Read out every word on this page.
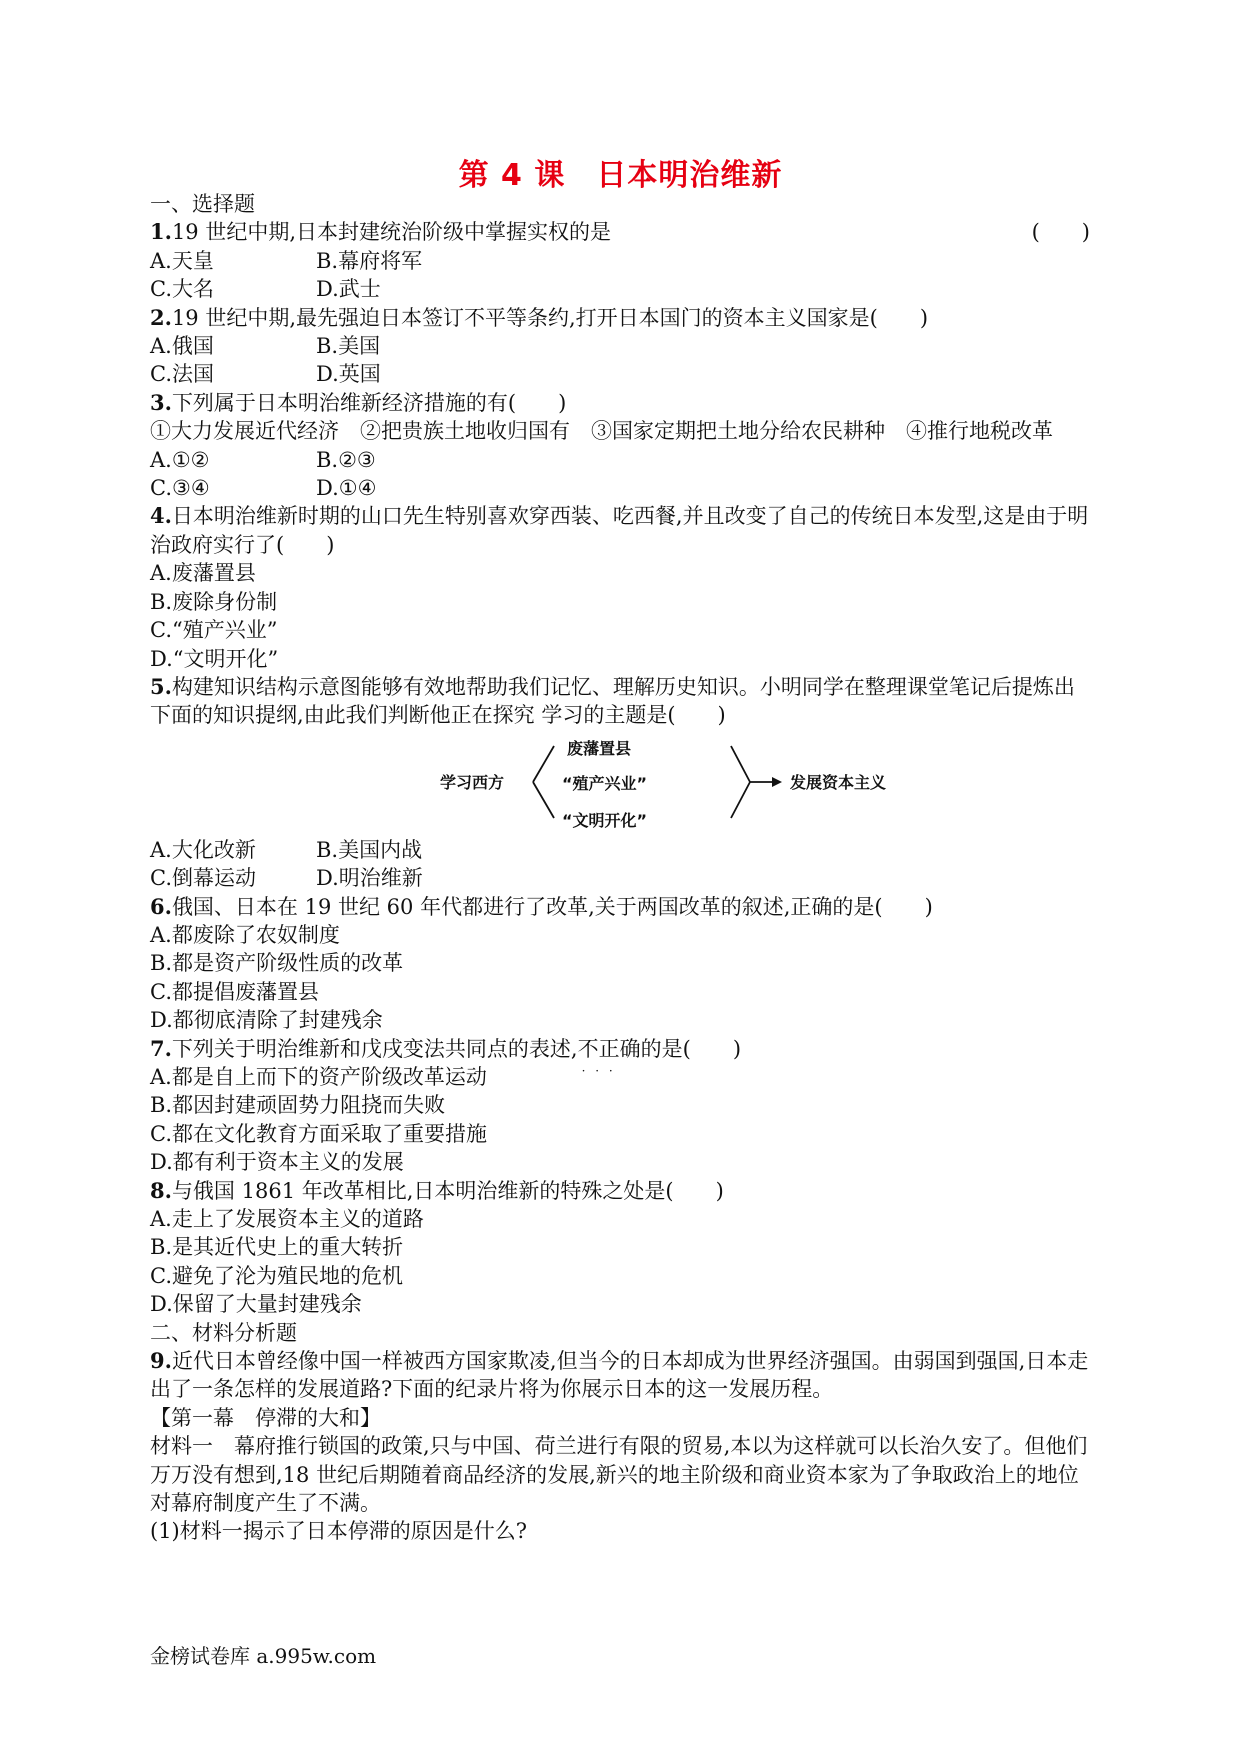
第 4 课　日本明治维新
一、选择题
1.19 世纪中期,日本封建统治阶级中掌握实权的是	(　　)
A.天皇	B.幕府将军
C.大名	D.武士
2.19 世纪中期,最先强迫日本签订不平等条约,打开日本国门的资本主义国家是(　　)
A.俄国	B.美国
C.法国	D.英国
3.下列属于日本明治维新经济措施的有(　　)
①大力发展近代经济　②把贵族土地收归国有　③国家定期把土地分给农民耕种　④推行地税改革
A.①②	B.②③
C.③④	D.①④
4.日本明治维新时期的山口先生特别喜欢穿西装、吃西餐,并且改变了自己的传统日本发型,这是由于明治政府实行了(　　)
A.废藩置县
B.废除身份制
C.“殖产兴业”
D.“文明开化”
5.构建知识结构示意图能够有效地帮助我们记忆、理解历史知识。小明同学在整理课堂笔记后提炼出下面的知识提纲,由此我们判断他正在探究 学习的主题是(　　)
学习西方
废藩置县
“殖产兴业”
“文明开化”
发展资本主义
A.大化改新	B.美国内战
C.倒幕运动	D.明治维新
6.俄国、日本在 19 世纪 60 年代都进行了改革,关于两国改革的叙述,正确的是(　　)
A.都废除了农奴制度
B.都是资产阶级性质的改革
C.都提倡废藩置县
D.都彻底清除了封建残余
7.下列关于明治维新和戊戌变法共同点的表述,不正确 · · ·的是(　　)
A.都是自上而下的资产阶级改革运动
B.都因封建顽固势力阻挠而失败
C.都在文化教育方面采取了重要措施
D.都有利于资本主义的发展
8.与俄国 1861 年改革相比,日本明治维新的特殊之处是(　　)
A.走上了发展资本主义的道路
B.是其近代史上的重大转折
C.避免了沦为殖民地的危机
D.保留了大量封建残余
二、材料分析题
9.近代日本曾经像中国一样被西方国家欺凌,但当今的日本却成为世界经济强国。由弱国到强国,日本走出了一条怎样的发展道路?下面的纪录片将为你展示日本的这一发展历程。
【第一幕　停滞的大和】
材料一　幕府推行锁国的政策,只与中国、荷兰进行有限的贸易,本以为这样就可以长治久安了。但他们万万没有想到,18 世纪后期随着商品经济的发展,新兴的地主阶级和商业资本家为了争取政治上的地位对幕府制度产生了不满。
(1)材料一揭示了日本停滞的原因是什么?
金榜试卷库 a.995w.com
